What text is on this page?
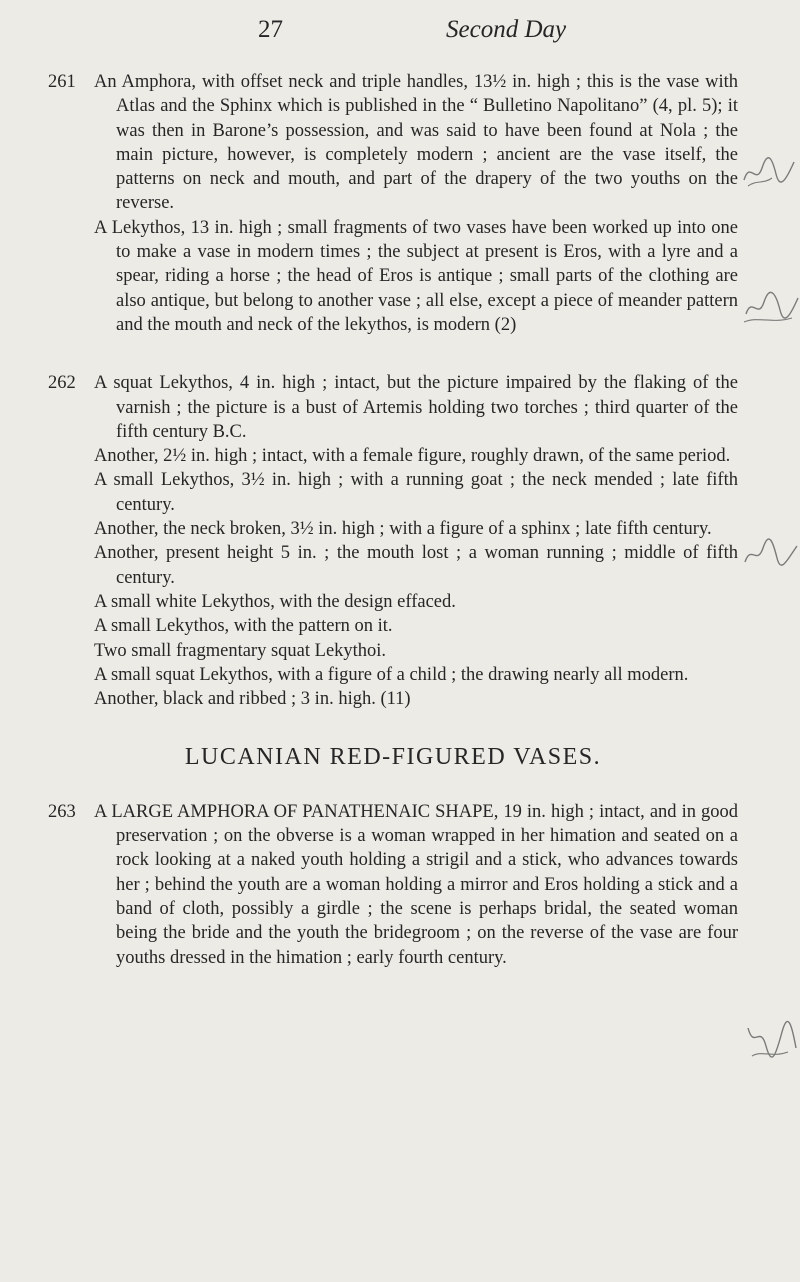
27	Second Day
261 An Amphora, with offset neck and triple handles, 13½ in. high ; this is the vase with Atlas and the Sphinx which is published in the “ Bulletino Napolitano” (4, pl. 5); it was then in Barone’s possession, and was said to have been found at Nola ; the main picture, however, is completely modern ; ancient are the vase itself, the patterns on neck and mouth, and part of the drapery of the two youths on the reverse.

A Lekythos, 13 in. high ; small fragments of two vases have been worked up into one to make a vase in modern times ; the subject at present is Eros, with a lyre and a spear, riding a horse ; the head of Eros is antique ; small parts of the clothing are also antique, but belong to another vase ; all else, except a piece of meander pattern and the mouth and neck of the lekythos, is modern (2)

262 A squat Lekythos, 4 in. high ; intact, but the picture impaired by the flaking of the varnish ; the picture is a bust of Artemis holding two torches ; third quarter of the fifth century B.C.

Another, 2½ in. high ; intact, with a female figure, roughly drawn, of the same period.

A small Lekythos, 3½ in. high ; with a running goat ; the neck mended ; late fifth century.

Another, the neck broken, 3½ in. high ; with a figure of a sphinx ; late fifth century.

Another, present height 5 in. ; the mouth lost ; a woman running ; middle of fifth century.

A small white Lekythos, with the design effaced.

A small Lekythos, with the pattern on it.

Two small fragmentary squat Lekythoi.

A small squat Lekythos, with a figure of a child ; the drawing nearly all modern.

Another, black and ribbed ; 3 in. high. (11)

LUCANIAN RED-FIGURED VASES.
263 A LARGE AMPHORA OF PANATHENAIC SHAPE, 19 in. high ; intact, and in good preservation ; on the obverse is a woman wrapped in her himation and seated on a rock looking at a naked youth holding a strigil and a stick, who advances towards her ; behind the youth are a woman holding a mirror and Eros holding a stick and a band of cloth, possibly a girdle ; the scene is perhaps bridal, the seated woman being the bride and the youth the bridegroom ; on the reverse of the vase are four youths dressed in the himation ; early fourth century.
